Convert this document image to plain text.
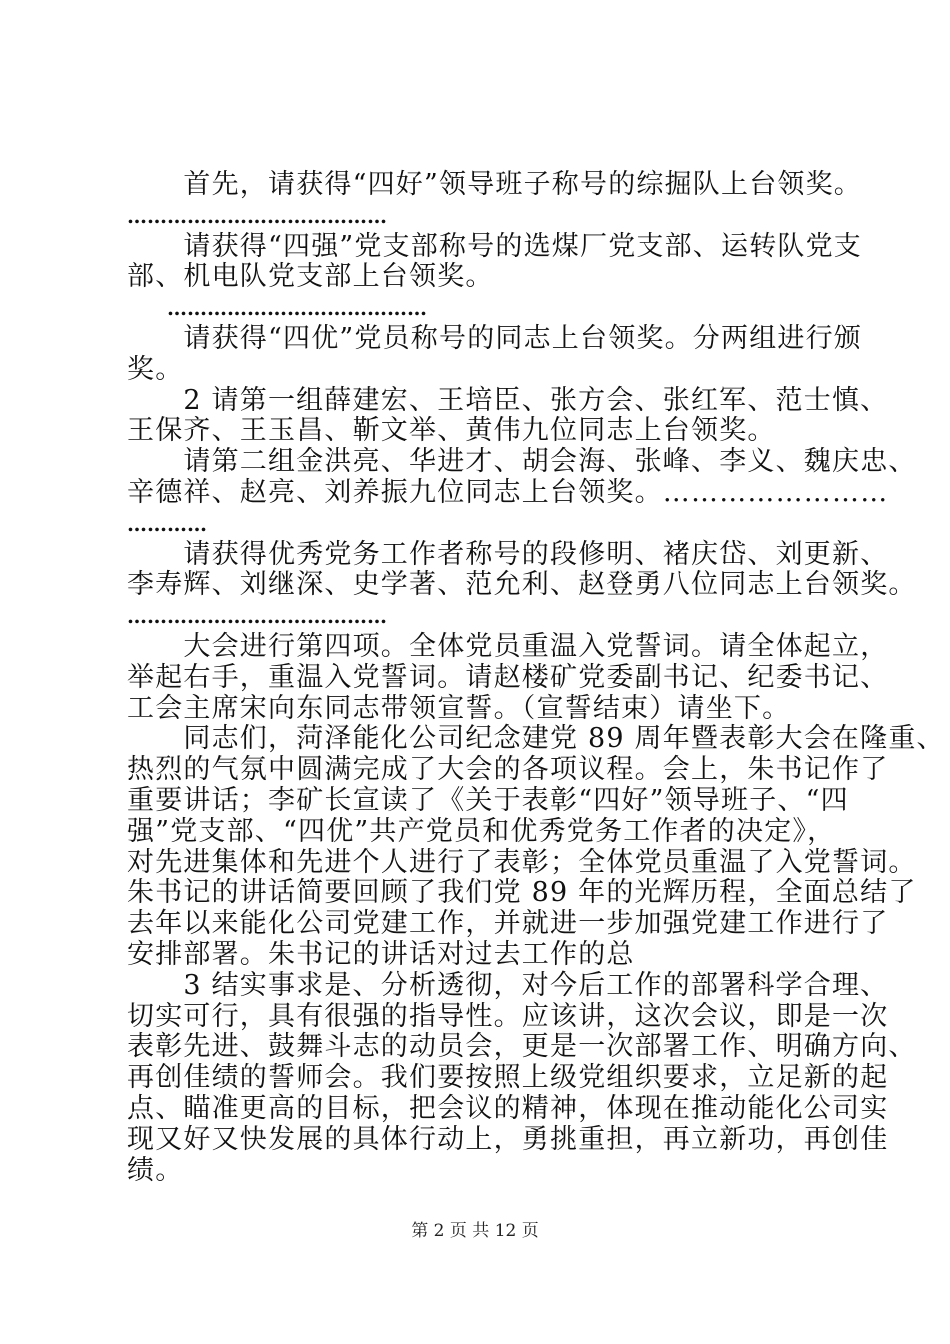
　　首先，请获得“四好”领导班子称号的综掘队上台领奖。
…………………………………
　　请获得“四强”党支部称号的选煤厂党支部、运转队党支
部、机电队党支部上台领奖。
　　…………………………………
　　请获得“四优”党员称号的同志上台领奖。分两组进行颁
奖。
　　2 请第一组薛建宏、王培臣、张方会、张红军、范士慎、
王保齐、王玉昌、靳文举、黄伟九位同志上台领奖。
　　请第二组金洪亮、华进才、胡会海、张峰、李义、魏庆忠、
辛德祥、赵亮、刘养振九位同志上台领奖。……………………
…………
　　请获得优秀党务工作者称号的段修明、褚庆岱、刘更新、
李寿辉、刘继深、史学著、范允利、赵登勇八位同志上台领奖。
…………………………………
　　大会进行第四项。全体党员重温入党誓词。请全体起立，
举起右手，重温入党誓词。请赵楼矿党委副书记、纪委书记、
工会主席宋向东同志带领宣誓。（宣誓结束）请坐下。
　　同志们，菏泽能化公司纪念建党 89 周年暨表彰大会在隆重、
热烈的气氛中圆满完成了大会的各项议程。会上，朱书记作了
重要讲话；李矿长宣读了《关于表彰“四好”领导班子、“四
强”党支部、“四优”共产党员和优秀党务工作者的决定》，
对先进集体和先进个人进行了表彰；全体党员重温了入党誓词。
朱书记的讲话简要回顾了我们党 89 年的光辉历程，全面总结了
去年以来能化公司党建工作，并就进一步加强党建工作进行了
安排部署。朱书记的讲话对过去工作的总
　　3 结实事求是、分析透彻，对今后工作的部署科学合理、
切实可行，具有很强的指导性。应该讲，这次会议，即是一次
表彰先进、鼓舞斗志的动员会，更是一次部署工作、明确方向、
再创佳绩的誓师会。我们要按照上级党组织要求，立足新的起
点、瞄准更高的目标，把会议的精神，体现在推动能化公司实
现又好又快发展的具体行动上，勇挑重担，再立新功，再创佳
绩。
第 2 页 共 12 页
